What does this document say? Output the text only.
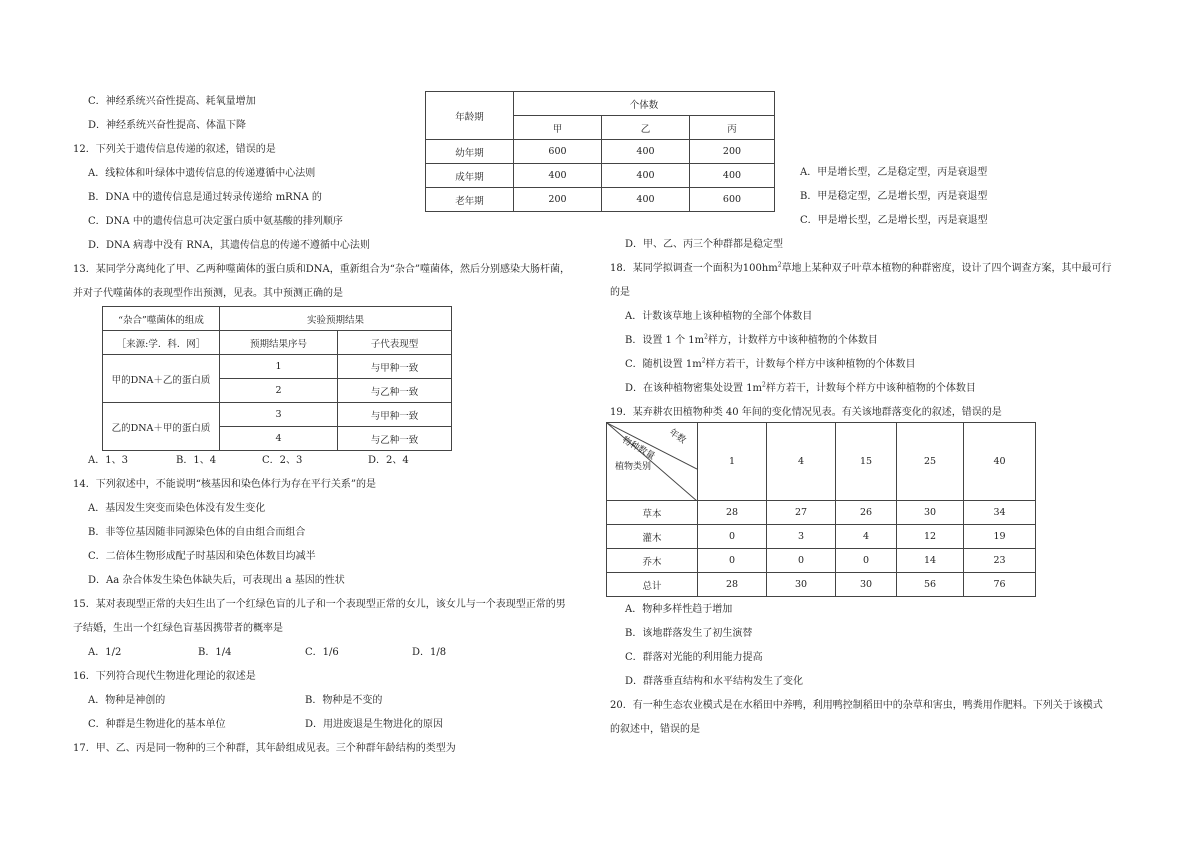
C．神经系统兴奋性提高、耗氧量增加
D．神经系统兴奋性提高、体温下降
12．下列关于遗传信息传递的叙述，错误的是
A．线粒体和叶绿体中遗传信息的传递遵循中心法则
B．DNA 中的遗传信息是通过转录传递给 mRNA 的
C．DNA 中的遗传信息可决定蛋白质中氨基酸的排列顺序
D．DNA 病毒中没有 RNA，其遗传信息的传递不遵循中心法则
13．某同学分离纯化了甲、乙两种噬菌体的蛋白质和DNA，重新组合为“杂合”噬菌体，然后分别感染大肠杆菌，
并对子代噬菌体的表现型作出预测，见表。其中预测正确的是
“杂合”噬菌体的组成	实验预期结果	
［来源:学．科．网］	预期结果序号	子代表现型
甲的DNA＋乙的蛋白质	1	与甲种一致
	2	与乙种一致
乙的DNA＋甲的蛋白质	3	与甲种一致
	4	与乙种一致
A．1、3	B．1、4	C．2、3	D．2、4
14．下列叙述中，不能说明“核基因和染色体行为存在平行关系”的是
A．基因发生突变而染色体没有发生变化
B．非等位基因随非同源染色体的自由组合而组合
C．二倍体生物形成配子时基因和染色体数目均减半
D．Aa 杂合体发生染色体缺失后，可表现出 a 基因的性状
15．某对表现型正常的夫妇生出了一个红绿色盲的儿子和一个表现型正常的女儿，该女儿与一个表现型正常的男
子结婚，生出一个红绿色盲基因携带者的概率是
A．1/2	B．1/4	C．1/6	D．1/8
16．下列符合现代生物进化理论的叙述是
A．物种是神创的	B．物种是不变的
C．种群是生物进化的基本单位	D．用进废退是生物进化的原因
17．甲、乙、丙是同一物种的三个种群，其年龄组成见表。三个种群年龄结构的类型为
年龄期	个体数		
	甲	乙	丙
幼年期	600	400	200
成年期	400	400	400
老年期	200	400	600
A．甲是增长型，乙是稳定型，丙是衰退型
B．甲是稳定型，乙是增长型，丙是衰退型
C．甲是增长型，乙是增长型，丙是衰退型
D．甲、乙、丙三个种群都是稳定型
18．某同学拟调查一个面积为$100hm^2$草地上某种双子叶草本植物的种群密度，设计了四个调查方案，其中最可行
的是
A．计数该草地上该种植物的全部个体数目
B．设置 1 个 $1m^2$样方，计数样方中该种植物的个体数目
C．随机设置 $1m^2$样方若干，计数每个样方中该种植物的个体数目
D．在该种植物密集处设置 $1m^2$样方若干，计数每个样方中该种植物的个体数目
19．某弃耕农田植物种类 40 年间的变化情况见表。有关该地群落变化的叙述，错误的是
年数
物种数量
植物类别	1	4	15	25	40
草本	28	27	26	30	34
灌木	0	3	4	12	19
乔木	0	0	0	14	23
总计	28	30	30	56	76
A．物种多样性趋于增加
B．该地群落发生了初生演替
C．群落对光能的利用能力提高
D．群落垂直结构和水平结构发生了变化
20．有一种生态农业模式是在水稻田中养鸭，利用鸭控制稻田中的杂草和害虫，鸭粪用作肥料。下列关于该模式
的叙述中，错误的是
